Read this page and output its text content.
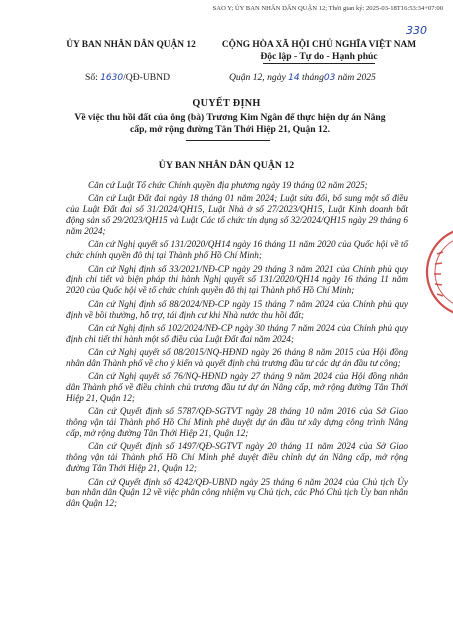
SAO Y; ỦY BAN NHÂN DÂN QUẬN 12; Thời gian ký: 2025-03-18T16:53:34+07:00
330
ỦY BAN NHÂN DÂN QUẬN 12	CỘNG HÒA XÃ HỘI CHỦ NGHĨA VIỆT NAM
Độc lập - Tự do - Hạnh phúc
Số: 1630/QĐ-UBND	Quận 12, ngày 14 tháng03 năm 2025
QUYẾT ĐỊNH
Về việc thu hồi đất của ông (bà) Trương Kim Ngân để thực hiện dự án Nâng cấp, mở rộng đường Tân Thới Hiệp 21, Quận 12.
ỦY BAN NHÂN DÂN QUẬN 12

Căn cứ Luật Tổ chức Chính quyền địa phương ngày 19 tháng 02 năm 2025;

Căn cứ Luật Đất đai ngày 18 tháng 01 năm 2024; Luật sửa đổi, bổ sung một số điều của Luật Đất đai số 31/2024/QH15, Luật Nhà ở số 27/2023/QH15, Luật Kinh doanh bất động sản số 29/2023/QH15 và Luật Các tổ chức tín dụng số 32/2024/QH15 ngày 29 tháng 6 năm 2024;

Căn cứ Nghị quyết số 131/2020/QH14 ngày 16 tháng 11 năm 2020 của Quốc hội về tổ chức chính quyền đô thị tại Thành phố Hồ Chí Minh;

Căn cứ Nghị định số 33/2021/NĐ-CP ngày 29 tháng 3 năm 2021 của Chính phủ quy định chi tiết và biện pháp thi hành Nghị quyết số 131/2020/QH14 ngày 16 tháng 11 năm 2020 của Quốc hội về tổ chức chính quyền đô thị tại Thành phố Hồ Chí Minh;

Căn cứ Nghị định số 88/2024/NĐ-CP ngày 15 tháng 7 năm 2024 của Chính phủ quy định về bồi thường, hỗ trợ, tái định cư khi Nhà nước thu hồi đất;

Căn cứ Nghị định số 102/2024/NĐ-CP ngày 30 tháng 7 năm 2024 của Chính phủ quy định chi tiết thi hành một số điều của Luật Đất đai năm 2024;

Căn cứ Nghị quyết số 08/2015/NQ-HĐND ngày 26 tháng 8 năm 2015 của Hội đồng nhân dân Thành phố về cho ý kiến và quyết định chủ trương đầu tư các dự án đầu tư công;

Căn cứ Nghị quyết số 76/NQ-HĐND ngày 27 tháng 9 năm 2024 của Hội đồng nhân dân Thành phố về điều chỉnh chủ trương đầu tư dự án Nâng cấp, mở rộng đường Tân Thới Hiệp 21, Quận 12;

Căn cứ Quyết định số 5787/QĐ-SGTVT ngày 28 tháng 10 năm 2016 của Sở Giao thông vận tải Thành phố Hồ Chí Minh phê duyệt dự án đầu tư xây dựng công trình Nâng cấp, mở rộng đường Tân Thới Hiệp 21, Quận 12;

Căn cứ Quyết định số 1497/QĐ-SGTVT ngày 20 tháng 11 năm 2024 của Sở Giao thông vận tải Thành phố Hồ Chí Minh phê duyệt điều chỉnh dự án Nâng cấp, mở rộng đường Tân Thới Hiệp 21, Quận 12;

Căn cứ Quyết định số 4242/QĐ-UBND ngày 25 tháng 6 năm 2024 của Chủ tịch Ủy ban nhân dân Quận 12 về việc phân công nhiệm vụ Chủ tịch, các Phó Chủ tịch Ủy ban nhân dân Quận 12;
